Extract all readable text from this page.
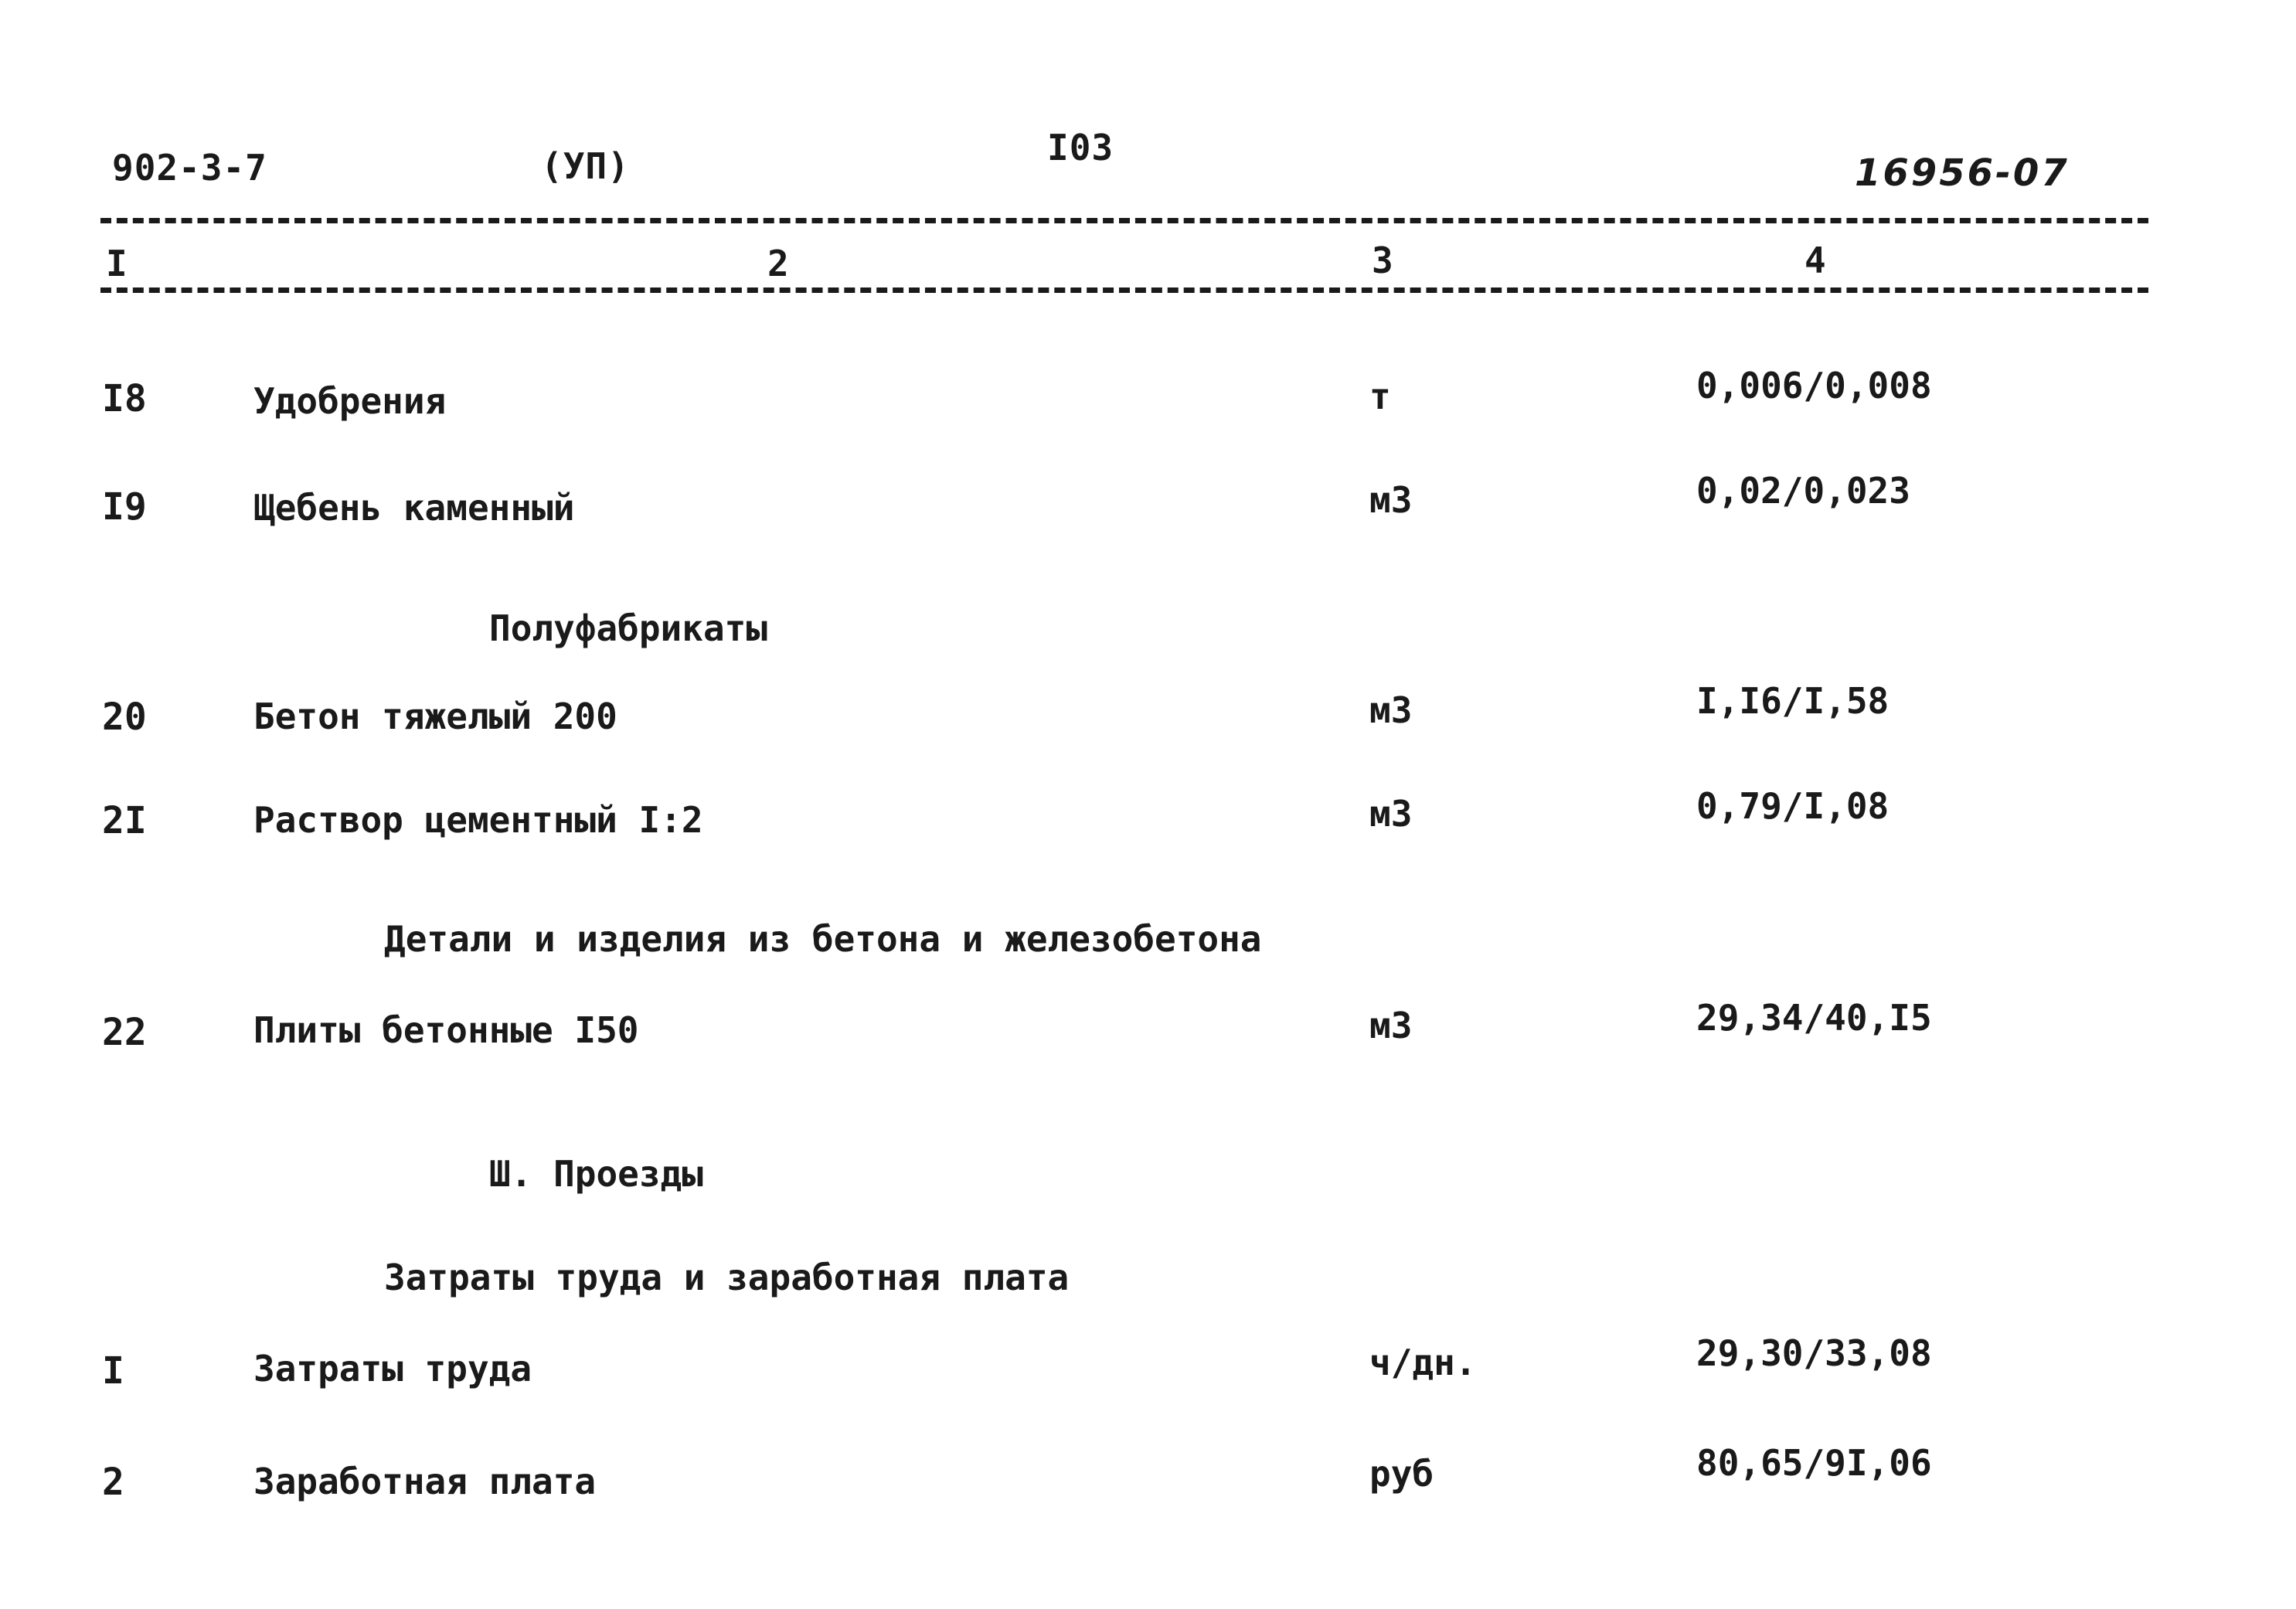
902-3-7	(УП)	I03
16956-07
I	2	3	4
I8	Удобрения	т	0,006/0,008
I9	Щебень каменный	м3	0,02/0,023
Полуфабрикаты
20	Бетон тяжелый 200	м3	I,I6/I,58
2I	Раствор цементный I:2	м3	0,79/I,08
Детали и изделия из бетона и железобетона
22	Плиты бетонные I50	м3	29,34/40,I5
Ш. Проезды
Затраты труда и заработная плата
I	Затраты труда	ч/дн.	29,30/33,08
2	Заработная плата	руб	80,65/9I,06
